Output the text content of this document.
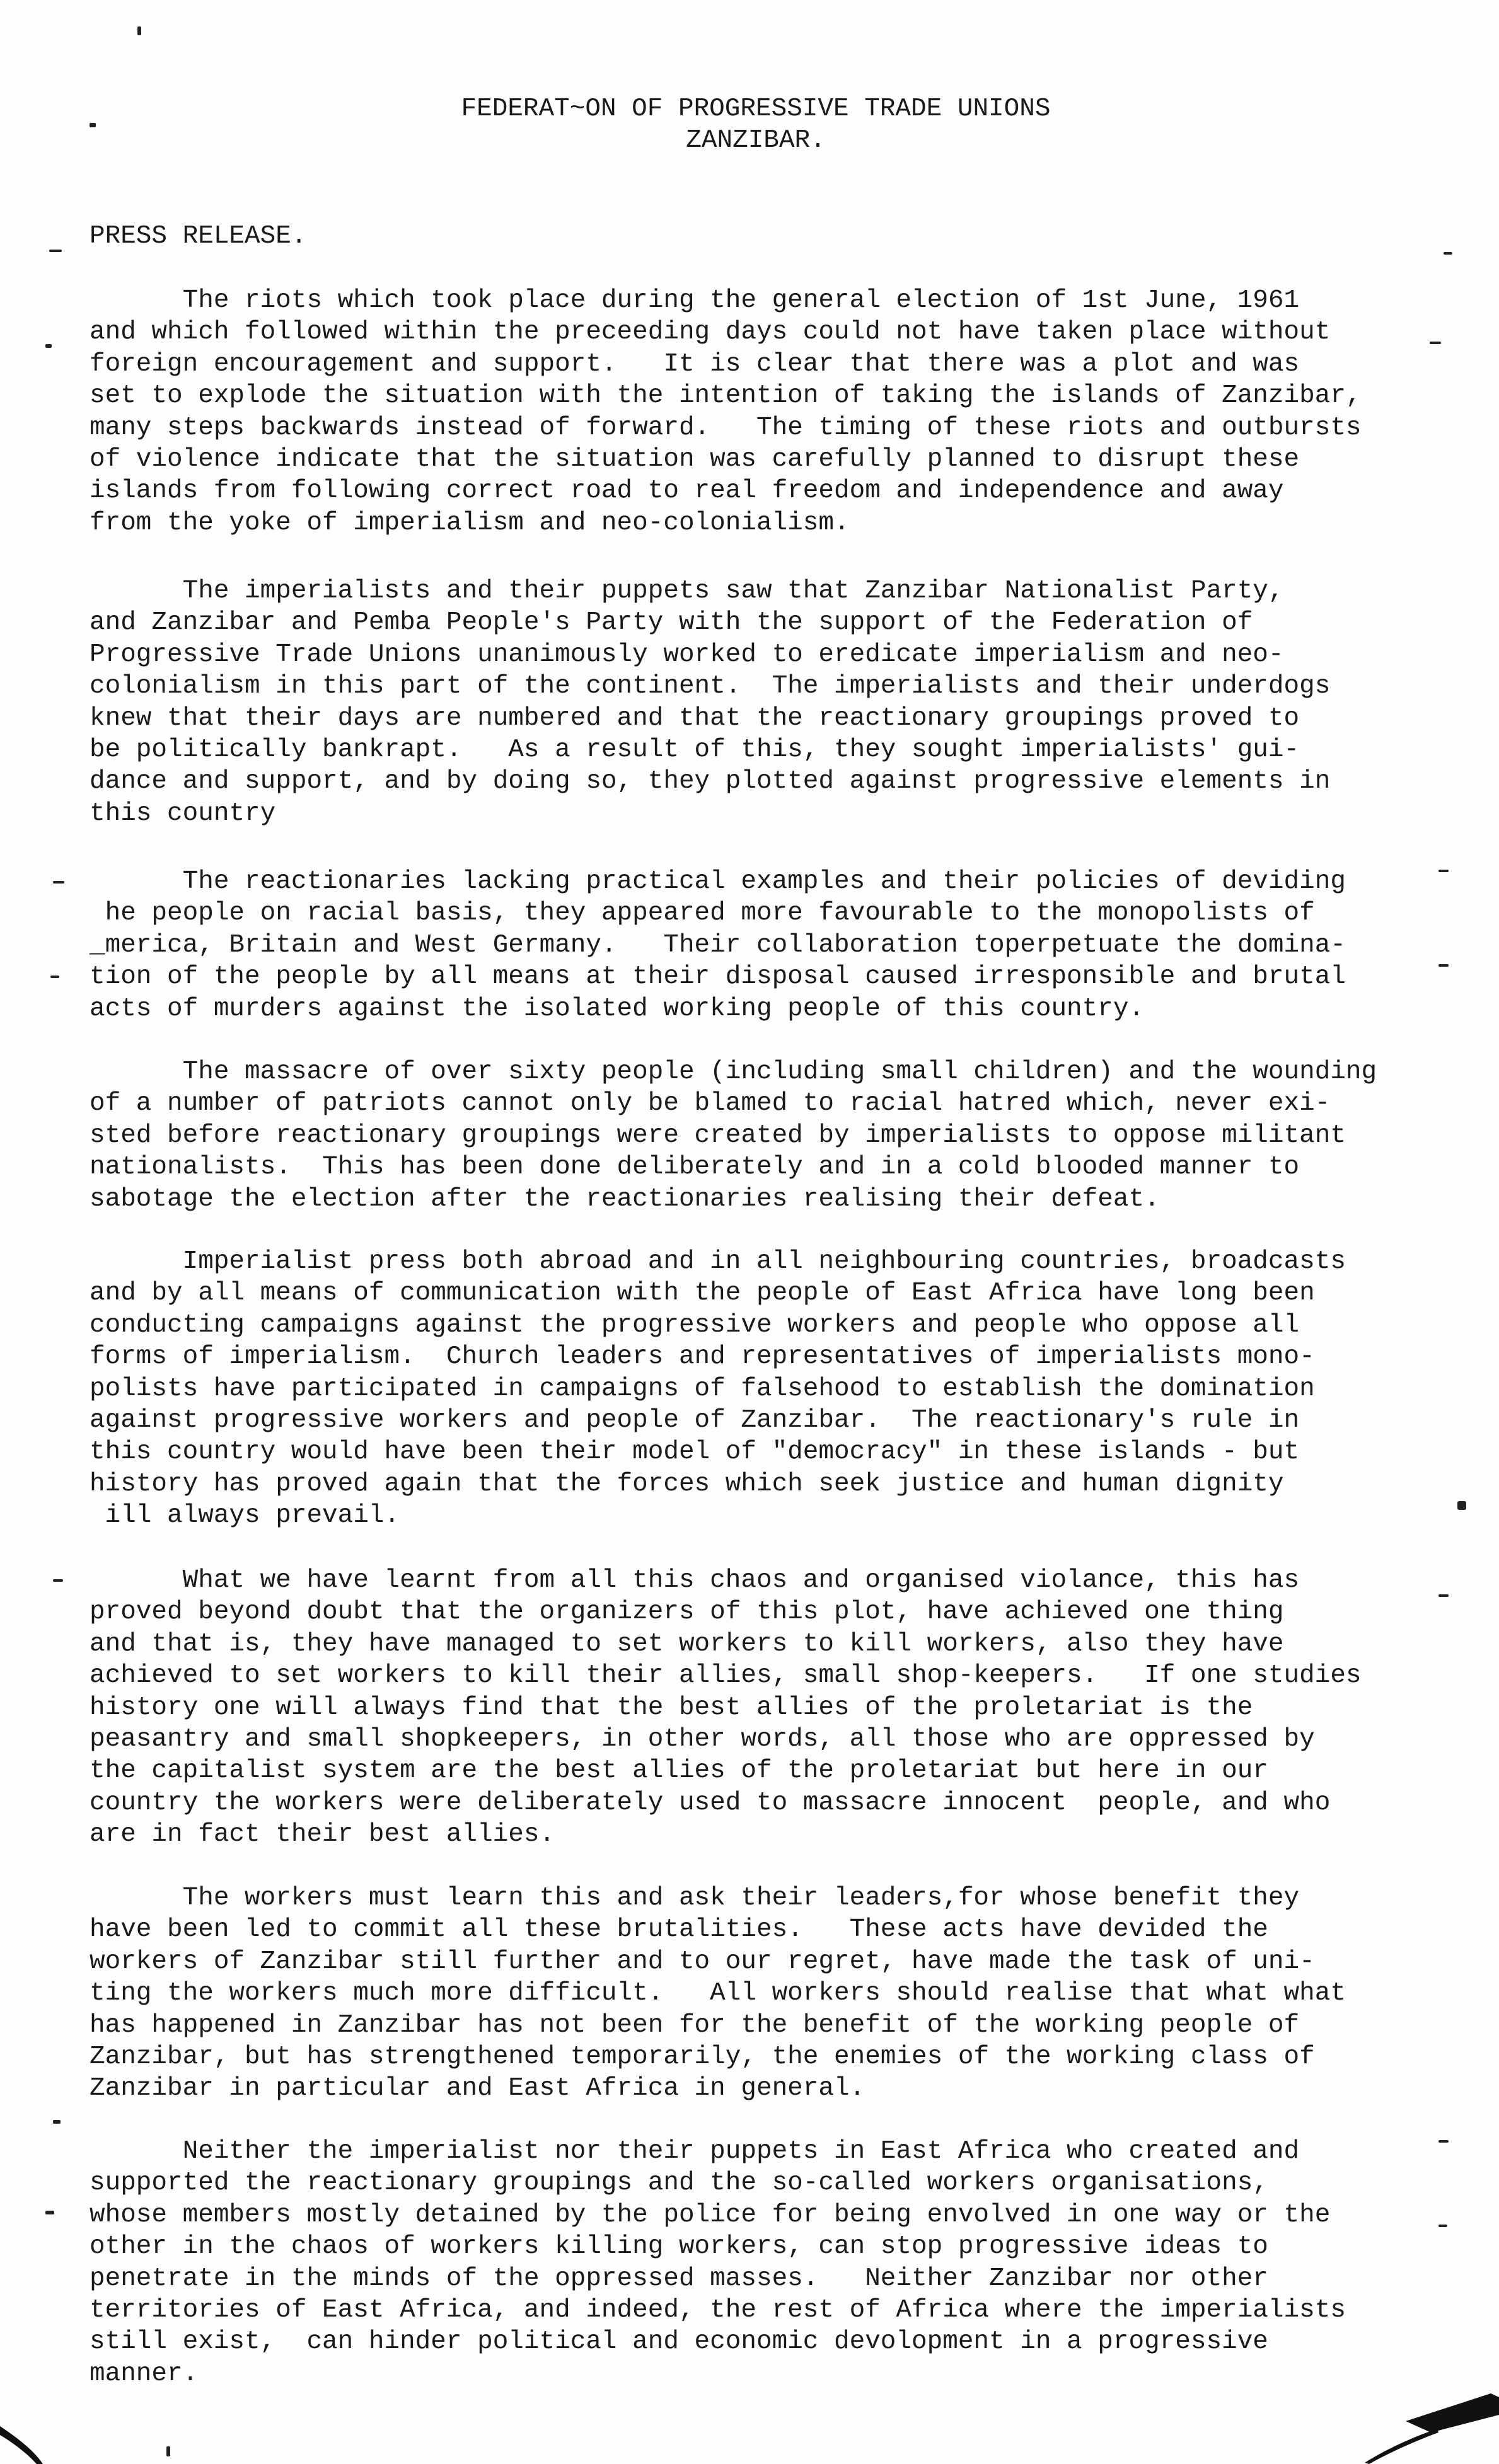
FEDERAT~ON OF PROGRESSIVE TRADE UNIONS
ZANZIBAR.
PRESS RELEASE.
The riots which took place during the general election of 1st June, 1961
and which followed within the preceeding days could not have taken place without
foreign encouragement and support.   It is clear that there was a plot and was
set to explode the situation with the intention of taking the islands of Zanzibar,
many steps backwards instead of forward.   The timing of these riots and outbursts
of violence indicate that the situation was carefully planned to disrupt these
islands from following correct road to real freedom and independence and away
from the yoke of imperialism and neo-colonialism.
The imperialists and their puppets saw that Zanzibar Nationalist Party,
and Zanzibar and Pemba People's Party with the support of the Federation of
Progressive Trade Unions unanimously worked to eredicate imperialism and neo-
colonialism in this part of the continent.  The imperialists and their underdogs
knew that their days are numbered and that the reactionary groupings proved to
be politically bankrapt.   As a result of this, they sought imperialists' gui-
dance and support, and by doing so, they plotted against progressive elements in
this country
The reactionaries lacking practical examples and their policies of deviding
he people on racial basis, they appeared more favourable to the monopolists of
_merica, Britain and West Germany.   Their collaboration toperpetuate the domina-
tion of the people by all means at their disposal caused irresponsible and brutal
acts of murders against the isolated working people of this country.
The massacre of over sixty people (including small children) and the wounding
of a number of patriots cannot only be blamed to racial hatred which, never exi-
sted before reactionary groupings were created by imperialists to oppose militant
nationalists.  This has been done deliberately and in a cold blooded manner to
sabotage the election after the reactionaries realising their defeat.
Imperialist press both abroad and in all neighbouring countries, broadcasts
and by all means of communication with the people of East Africa have long been
conducting campaigns against the progressive workers and people who oppose all
forms of imperialism.  Church leaders and representatives of imperialists mono-
polists have participated in campaigns of falsehood to establish the domination
against progressive workers and people of Zanzibar.  The reactionary's rule in
this country would have been their model of "democracy" in these islands - but
history has proved again that the forces which seek justice and human dignity
ill always prevail.
What we have learnt from all this chaos and organised violance, this has
proved beyond doubt that the organizers of this plot, have achieved one thing
and that is, they have managed to set workers to kill workers, also they have
achieved to set workers to kill their allies, small shop-keepers.   If one studies
history one will always find that the best allies of the proletariat is the
peasantry and small shopkeepers, in other words, all those who are oppressed by
the capitalist system are the best allies of the proletariat but here in our
country the workers were deliberately used to massacre innocent  people, and who
are in fact their best allies.
The workers must learn this and ask their leaders,for whose benefit they
have been led to commit all these brutalities.   These acts have devided the
workers of Zanzibar still further and to our regret, have made the task of uni-
ting the workers much more difficult.   All workers should realise that what what
has happened in Zanzibar has not been for the benefit of the working people of
Zanzibar, but has strengthened temporarily, the enemies of the working class of
Zanzibar in particular and East Africa in general.
Neither the imperialist nor their puppets in East Africa who created and
supported the reactionary groupings and the so-called workers organisations,
whose members mostly detained by the police for being envolved in one way or the
other in the chaos of workers killing workers, can stop progressive ideas to
penetrate in the minds of the oppressed masses.   Neither Zanzibar nor other
territories of East Africa, and indeed, the rest of Africa where the imperialists
still exist,  can hinder political and economic devolopment in a progressive
manner.
